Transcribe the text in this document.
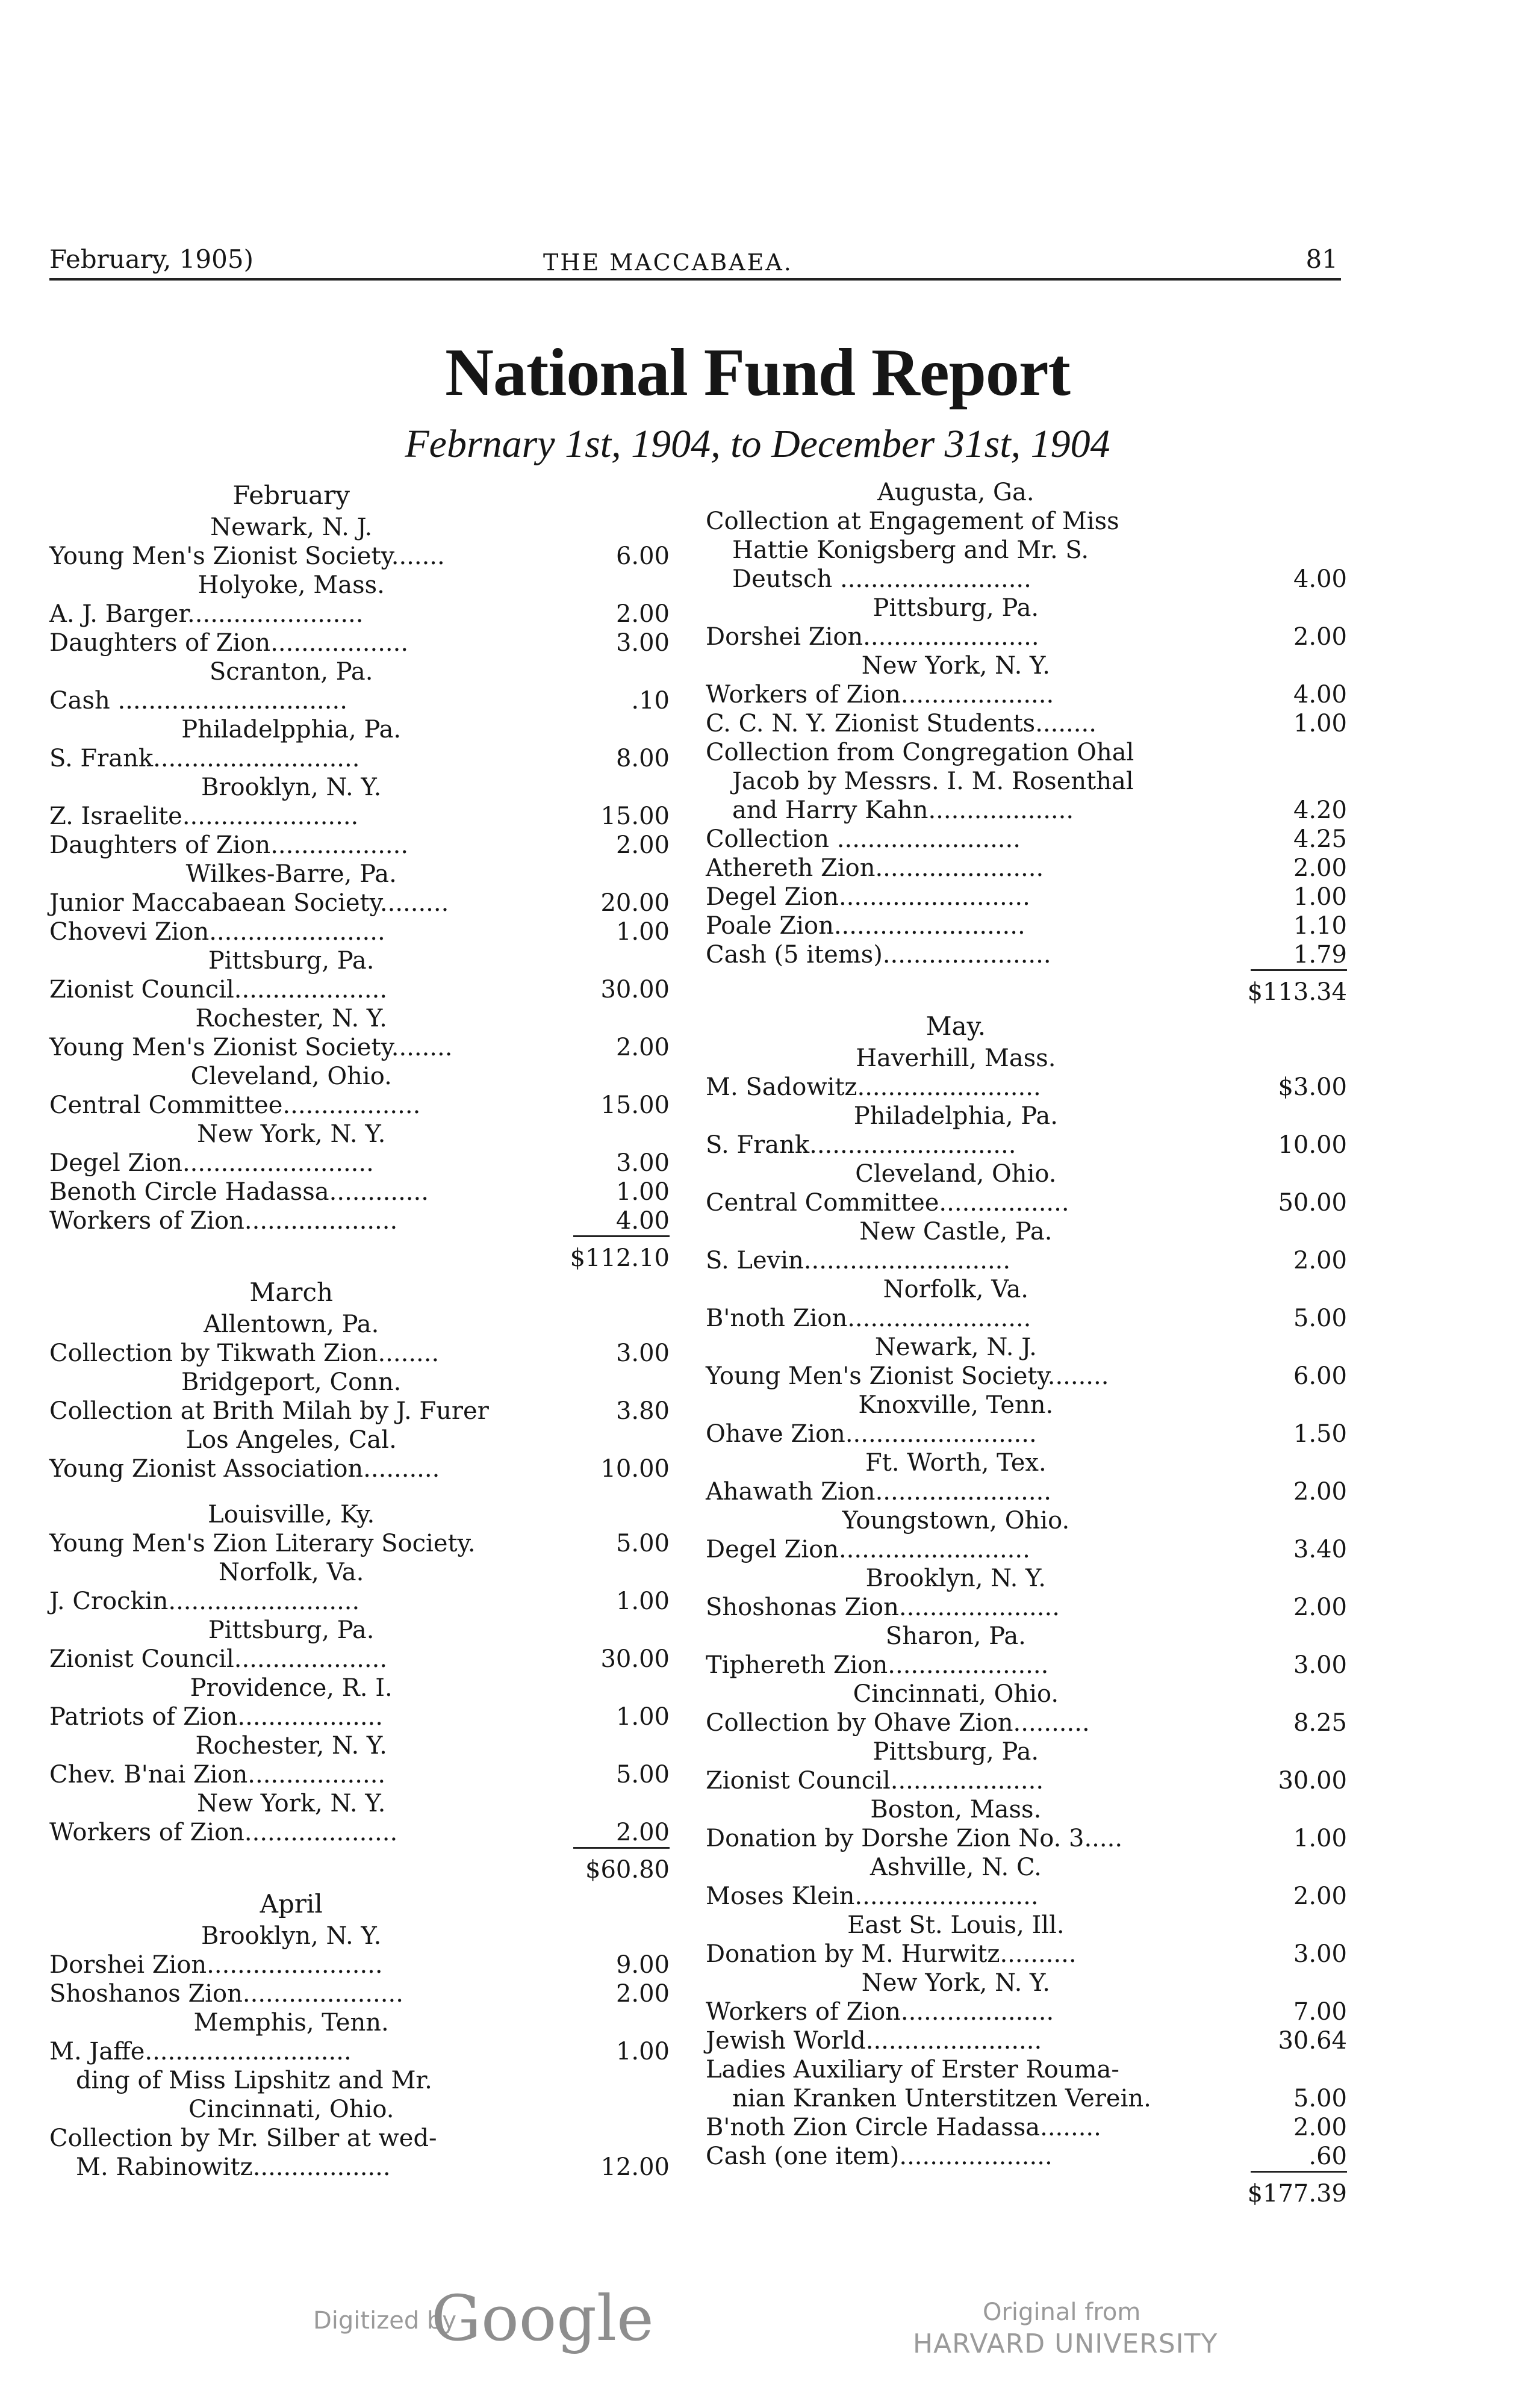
February, 1905)	THE MACCABAEA.	81
National Fund Report
Febrnary 1st, 1904, to December 31st, 1904
February
Newark, N. J.
Young Men's Zionist Society.......	6.00
Holyoke, Mass.
A. J. Barger.......................	2.00
Daughters of Zion..................	3.00
Scranton, Pa.
Cash ..............................	.10
Philadelpphia, Pa.
S. Frank...........................	8.00
Brooklyn, N. Y.
Z. Israelite.......................	15.00
Daughters of Zion..................	2.00
Wilkes-Barre, Pa.
Junior Maccabaean Society.........	20.00
Chovevi Zion.......................	1.00
Pittsburg, Pa.
Zionist Council....................	30.00
Rochester, N. Y.
Young Men's Zionist Society........	2.00
Cleveland, Ohio.
Central Committee..................	15.00
New York, N. Y.
Degel Zion.........................	3.00
Benoth Circle Hadassa.............	1.00
Workers of Zion....................	4.00
$112.10
March
Allentown, Pa.
Collection by Tikwath Zion........	3.00
Bridgeport, Conn.
Collection at Brith Milah by J. Furer	3.80
Los Angeles, Cal.
Young Zionist Association..........	10.00
Louisville, Ky.
Young Men's Zion Literary Society.	5.00
Norfolk, Va.
J. Crockin.........................	1.00
Pittsburg, Pa.
Zionist Council....................	30.00
Providence, R. I.
Patriots of Zion...................	1.00
Rochester, N. Y.
Chev. B'nai Zion..................	5.00
New York, N. Y.
Workers of Zion....................	2.00
$60.80
April
Brooklyn, N. Y.
Dorshei Zion.......................	9.00
Shoshanos Zion.....................	2.00
Memphis, Tenn.
M. Jaffe...........................	1.00
ding of Miss Lipshitz and Mr.
Cincinnati, Ohio.
Collection by Mr. Silber at wed-
M. Rabinowitz..................	12.00
Augusta, Ga.
Collection at Engagement of Miss
Hattie Konigsberg and Mr. S.
Deutsch .........................	4.00
Pittsburg, Pa.
Dorshei Zion.......................	2.00
New York, N. Y.
Workers of Zion....................	4.00
C. C. N. Y. Zionist Students........	1.00
Collection from Congregation Ohal
Jacob by Messrs. I. M. Rosenthal
and Harry Kahn...................	4.20
Collection ........................	4.25
Athereth Zion......................	2.00
Degel Zion.........................	1.00
Poale Zion.........................	1.10
Cash (5 items)......................	1.79
$113.34
May.
Haverhill, Mass.
M. Sadowitz........................	$3.00
Philadelphia, Pa.
S. Frank...........................	10.00
Cleveland, Ohio.
Central Committee.................	50.00
New Castle, Pa.
S. Levin...........................	2.00
Norfolk, Va.
B'noth Zion........................	5.00
Newark, N. J.
Young Men's Zionist Society........	6.00
Knoxville, Tenn.
Ohave Zion.........................	1.50
Ft. Worth, Tex.
Ahawath Zion.......................	2.00
Youngstown, Ohio.
Degel Zion.........................	3.40
Brooklyn, N. Y.
Shoshonas Zion.....................	2.00
Sharon, Pa.
Tiphereth Zion.....................	3.00
Cincinnati, Ohio.
Collection by Ohave Zion..........	8.25
Pittsburg, Pa.
Zionist Council....................	30.00
Boston, Mass.
Donation by Dorshe Zion No. 3.....	1.00
Ashville, N. C.
Moses Klein........................	2.00
East St. Louis, Ill.
Donation by M. Hurwitz..........	3.00
New York, N. Y.
Workers of Zion....................	7.00
Jewish World.......................	30.64
Ladies Auxiliary of Erster Rouma-
nian Kranken Unterstitzen Verein.	5.00
B'noth Zion Circle Hadassa........	2.00
Cash (one item)....................	.60
$177.39
Digitized by
Google	Original from
HARVARD UNIVERSITY
